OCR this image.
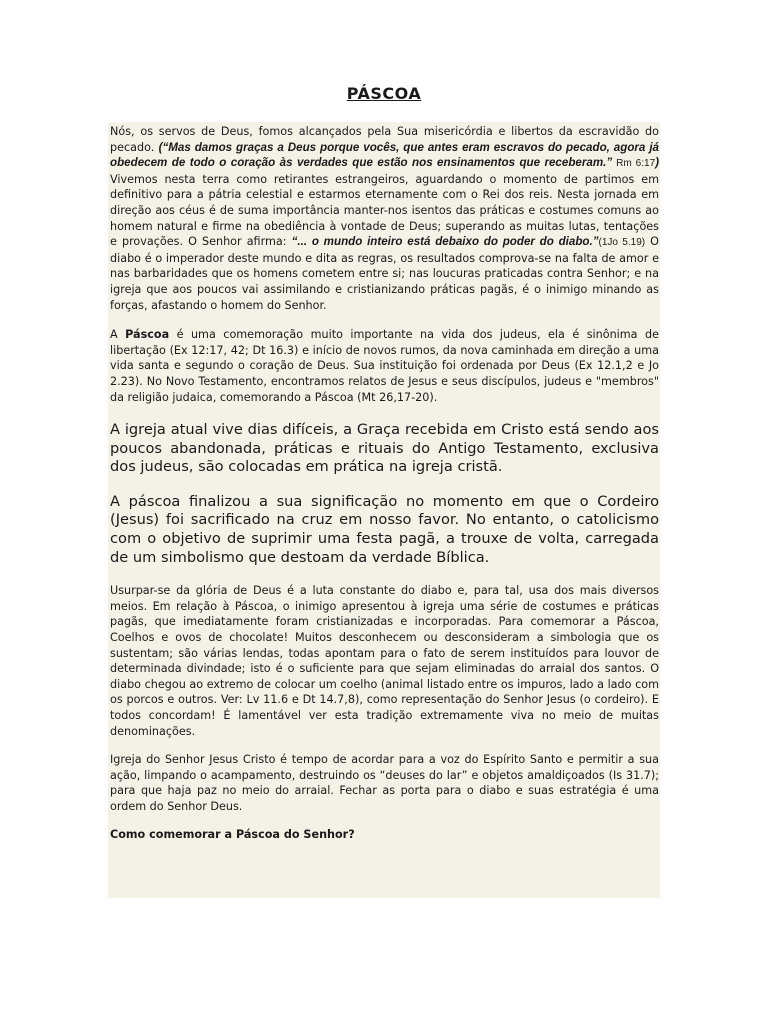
PÁSCOA

Nós, os servos de Deus, fomos alcançados pela Sua misericórdia e libertos da escravidão do pecado. (“Mas damos graças a Deus porque vocês, que antes eram escravos do pecado, agora já obedecem de todo o coração às verdades que estão nos ensinamentos que receberam.” Rm 6:17) Vivemos nesta terra como retirantes estrangeiros, aguardando o momento de partimos em definitivo para a pátria celestial e estarmos eternamente com o Rei dos reis. Nesta jornada em direção aos céus é de suma importância manter-nos isentos das práticas e costumes comuns ao homem natural e firme na obediência à vontade de Deus; superando as muitas lutas, tentações e provações. O Senhor afirma: “... o mundo inteiro está debaixo do poder do diabo.”(1Jo 5.19) O diabo é o imperador deste mundo e dita as regras, os resultados comprova-se na falta de amor e nas barbaridades que os homens cometem entre si; nas loucuras praticadas contra Senhor; e na igreja que aos poucos vai assimilando e cristianizando práticas pagãs, é o inimigo minando as forças, afastando o homem do Senhor.

A Páscoa é uma comemoração muito importante na vida dos judeus, ela é sinônima de libertação (Ex 12:17, 42; Dt 16.3) e início de novos rumos, da nova caminhada em direção a uma vida santa e segundo o coração de Deus. Sua instituição foi ordenada por Deus (Ex 12.1,2 e Jo 2.23). No Novo Testamento, encontramos relatos de Jesus e seus discípulos, judeus e "membros" da religião judaica, comemorando a Páscoa (Mt 26,17-20).

A igreja atual vive dias difíceis, a Graça recebida em Cristo está sendo aos poucos abandonada, práticas e rituais do Antigo Testamento, exclusiva dos judeus, são colocadas em prática na igreja cristã.

A páscoa finalizou a sua significação no momento em que o Cordeiro (Jesus) foi sacrificado na cruz em nosso favor. No entanto, o catolicismo com o objetivo de suprimir uma festa pagã, a trouxe de volta, carregada de um simbolismo que destoam da verdade Bíblica.

Usurpar-se da glória de Deus é a luta constante do diabo e, para tal, usa dos mais diversos meios. Em relação à Páscoa, o inimigo apresentou à igreja uma série de costumes e práticas pagãs, que imediatamente foram cristianizadas e incorporadas. Para comemorar a Páscoa, Coelhos e ovos de chocolate! Muitos desconhecem ou desconsideram a simbologia que os sustentam; são várias lendas, todas apontam para o fato de serem instituídos para louvor de determinada divindade; isto é o suficiente para que sejam eliminadas do arraial dos santos. O diabo chegou ao extremo de colocar um coelho (animal listado entre os impuros, lado a lado com os porcos e outros. Ver: Lv 11.6 e Dt 14.7,8), como representação do Senhor Jesus (o cordeiro). E todos concordam! É lamentável ver esta tradição extremamente viva no meio de muitas denominações.

Igreja do Senhor Jesus Cristo é tempo de acordar para a voz do Espírito Santo e permitir a sua ação, limpando o acampamento, destruindo os “deuses do lar” e objetos amaldiçoados (Is 31.7); para que haja paz no meio do arraial. Fechar as porta para o diabo e suas estratégia é uma ordem do Senhor Deus.

Como comemorar a Páscoa do Senhor?
